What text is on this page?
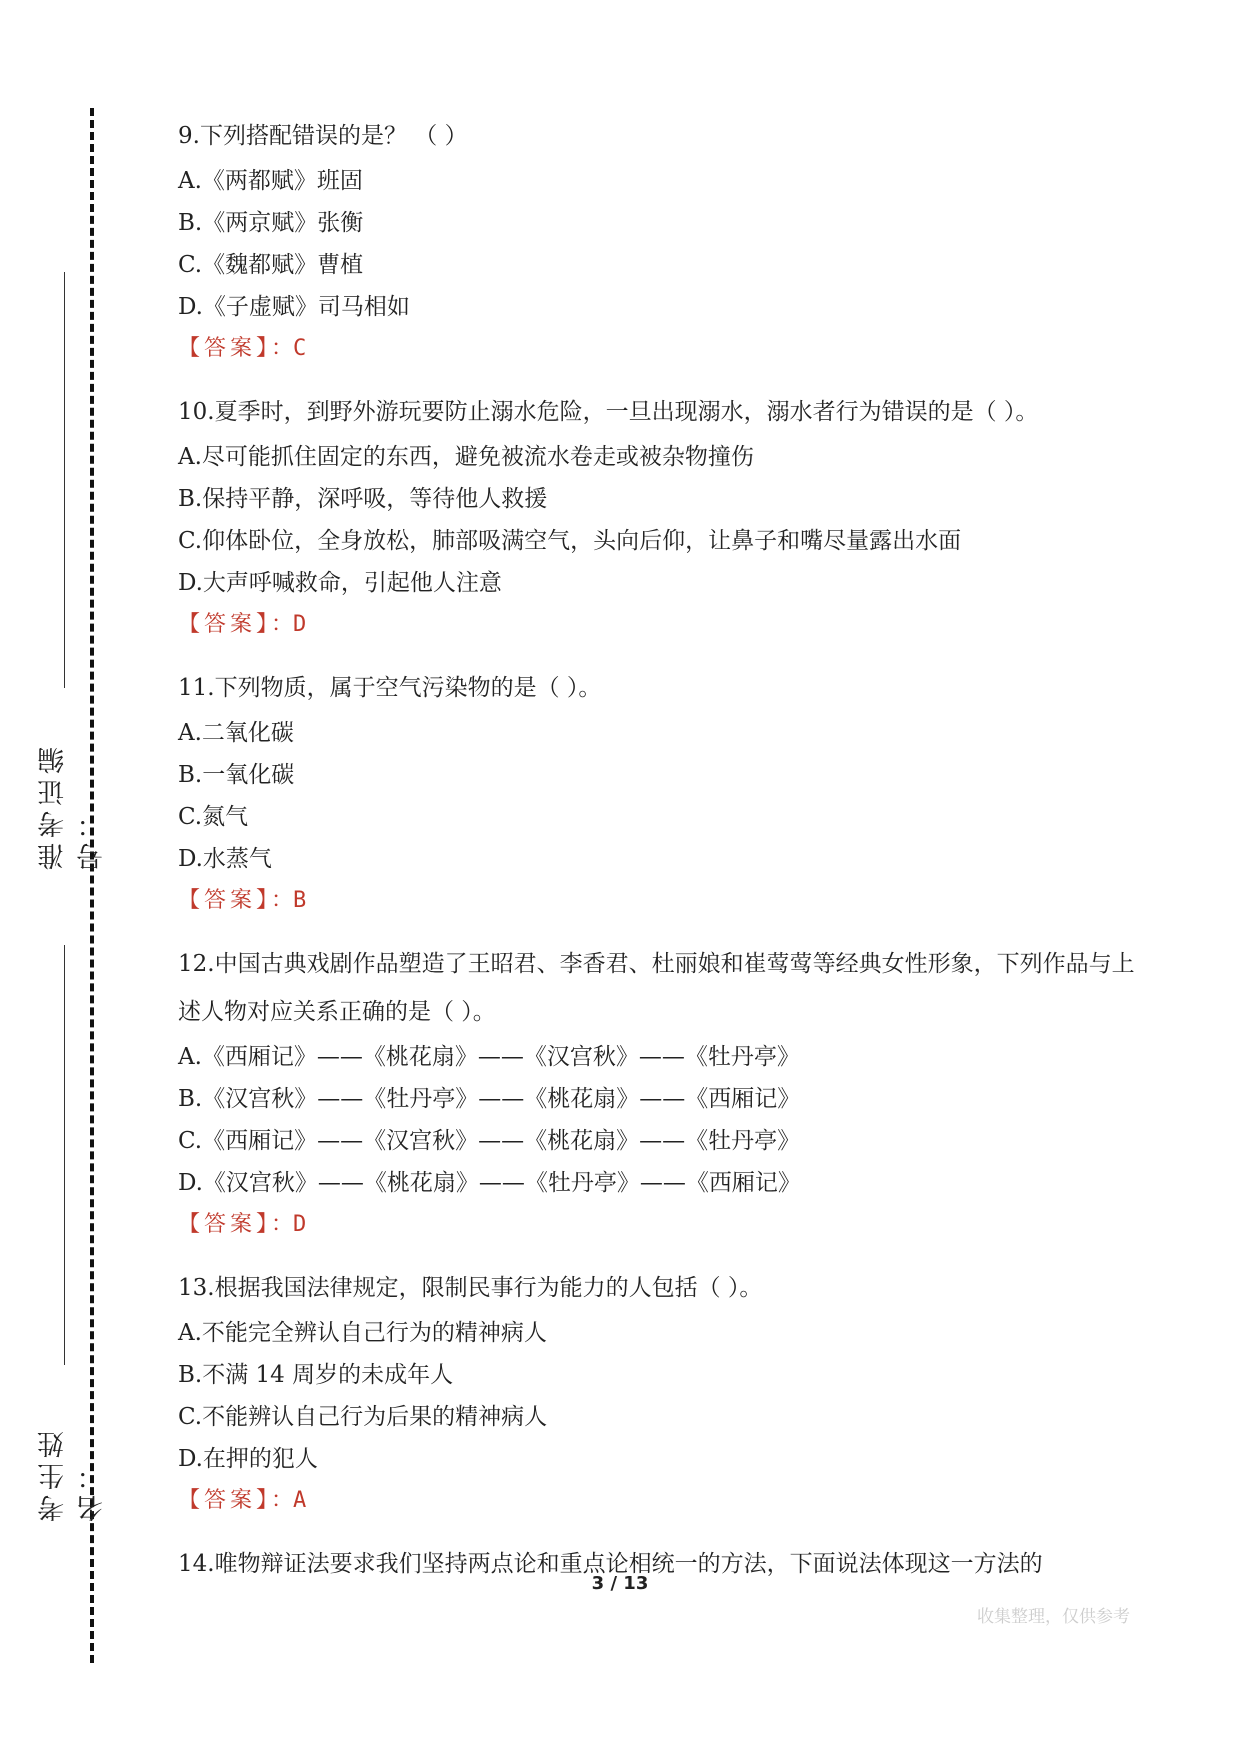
准考证编号：
考生姓名：

9.下列搭配错误的是？ （ ）

A.《两都赋》班固

B.《两京赋》张衡

C.《魏都赋》曹植

D.《子虚赋》司马相如

【答案】：C

10.夏季时，到野外游玩要防止溺水危险，一旦出现溺水，溺水者行为错误的是（ ）。

A.尽可能抓住固定的东西，避免被流水卷走或被杂物撞伤

B.保持平静，深呼吸，等待他人救援

C.仰体卧位，全身放松，肺部吸满空气，头向后仰，让鼻子和嘴尽量露出水面

D.大声呼喊救命，引起他人注意

【答案】：D

11.下列物质，属于空气污染物的是（ ）。

A.二氧化碳

B.一氧化碳

C.氮气

D.水蒸气

【答案】：B

12.中国古典戏剧作品塑造了王昭君、李香君、杜丽娘和崔莺莺等经典女性形象，下列作品与上述人物对应关系正确的是（ ）。

A.《西厢记》——《桃花扇》——《汉宫秋》——《牡丹亭》

B.《汉宫秋》——《牡丹亭》——《桃花扇》——《西厢记》

C.《西厢记》——《汉宫秋》——《桃花扇》——《牡丹亭》

D.《汉宫秋》——《桃花扇》——《牡丹亭》——《西厢记》

【答案】：D

13.根据我国法律规定，限制民事行为能力的人包括（ ）。

A.不能完全辨认自己行为的精神病人

B.不满 14 周岁的未成年人

C.不能辨认自己行为后果的精神病人

D.在押的犯人

【答案】：A

14.唯物辩证法要求我们坚持两点论和重点论相统一的方法，下面说法体现这一方法的

3 / 13
收集整理，仅供参考
